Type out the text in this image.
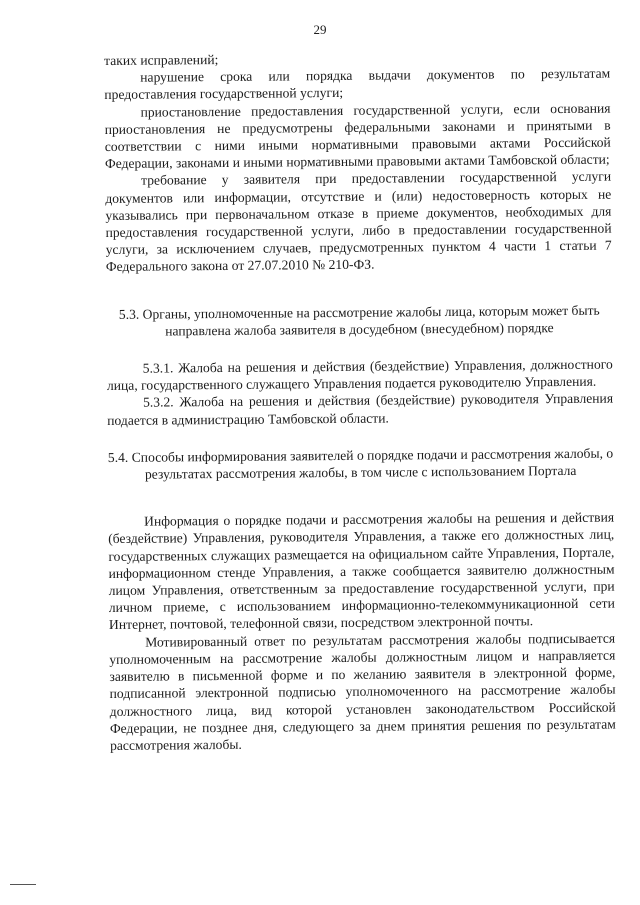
29

таких исправлений;

нарушение срока или порядка выдачи документов по результатам предоставления государственной услуги;

приостановление предоставления государственной услуги, если основания приостановления не предусмотрены федеральными законами и принятыми в соответствии с ними иными нормативными правовыми актами Российской Федерации, законами и иными нормативными правовыми актами Тамбовской области;

требование у заявителя при предоставлении государственной услуги документов или информации, отсутствие и (или) недостоверность которых не указывались при первоначальном отказе в приеме документов, необходимых для предоставления государственной услуги, либо в предоставлении государственной услуги, за исключением случаев, предусмотренных пунктом 4 части 1 статьи 7 Федерального закона от 27.07.2010 № 210-ФЗ.

5.3. Органы, уполномоченные на рассмотрение жалобы лица, которым может быть направлена жалоба заявителя в досудебном (внесудебном) порядке

5.3.1. Жалоба на решения и действия (бездействие) Управления, должностного лица, государственного служащего Управления подается руководителю Управления.

5.3.2. Жалоба на решения и действия (бездействие) руководителя Управления подается в администрацию Тамбовской области.

5.4. Способы информирования заявителей о порядке подачи и рассмотрения жалобы, о результатах рассмотрения жалобы, в том числе с использованием Портала

Информация о порядке подачи и рассмотрения жалобы на решения и действия (бездействие) Управления, руководителя Управления, а также его должностных лиц, государственных служащих размещается на официальном сайте Управления, Портале, информационном стенде Управления, а также сообщается заявителю должностным лицом Управления, ответственным за предоставление государственной услуги, при личном приеме, с использованием информационно-телекоммуникационной сети Интернет, почтовой, телефонной связи, посредством электронной почты.

Мотивированный ответ по результатам рассмотрения жалобы подписывается уполномоченным на рассмотрение жалобы должностным лицом и направляется заявителю в письменной форме и по желанию заявителя в электронной форме, подписанной электронной подписью уполномоченного на рассмотрение жалобы должностного лица, вид которой установлен законодательством Российской Федерации, не позднее дня, следующего за днем принятия решения по результатам рассмотрения жалобы.
